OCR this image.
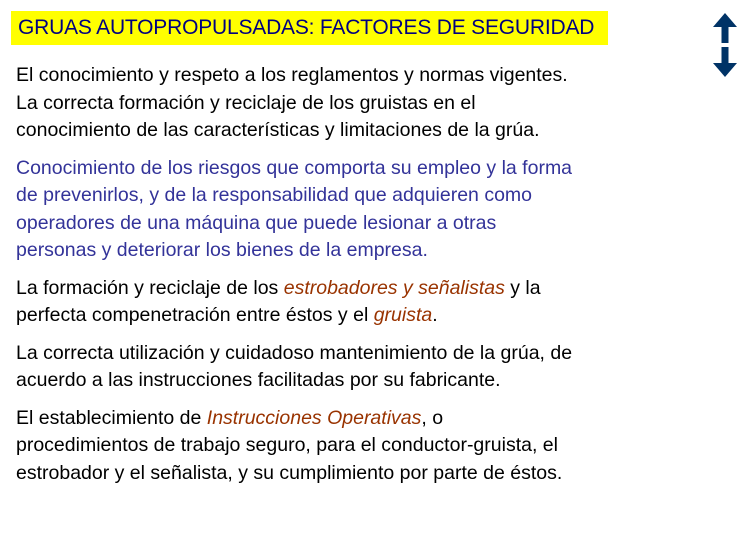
GRUAS AUTOPROPULSADAS: FACTORES DE SEGURIDAD
El conocimiento y respeto a los reglamentos y normas vigentes.
La correcta formación y reciclaje de los gruistas en el
conocimiento de las características y limitaciones de la grúa.
Conocimiento de los riesgos que comporta su empleo y la forma
de prevenirlos, y de la responsabilidad que adquieren como
operadores de una máquina que puede lesionar a otras
personas y deteriorar los bienes de la empresa.
La formación y reciclaje de los estrobadores y señalistas y la
perfecta compenetración entre éstos y el gruista.
La correcta utilización y cuidadoso mantenimiento de la grúa, de
acuerdo a las instrucciones facilitadas por su fabricante.
El establecimiento de Instrucciones Operativas, o
procedimientos de trabajo seguro, para el conductor-gruista, el
estrobador y el señalista, y su cumplimiento por parte de éstos.
